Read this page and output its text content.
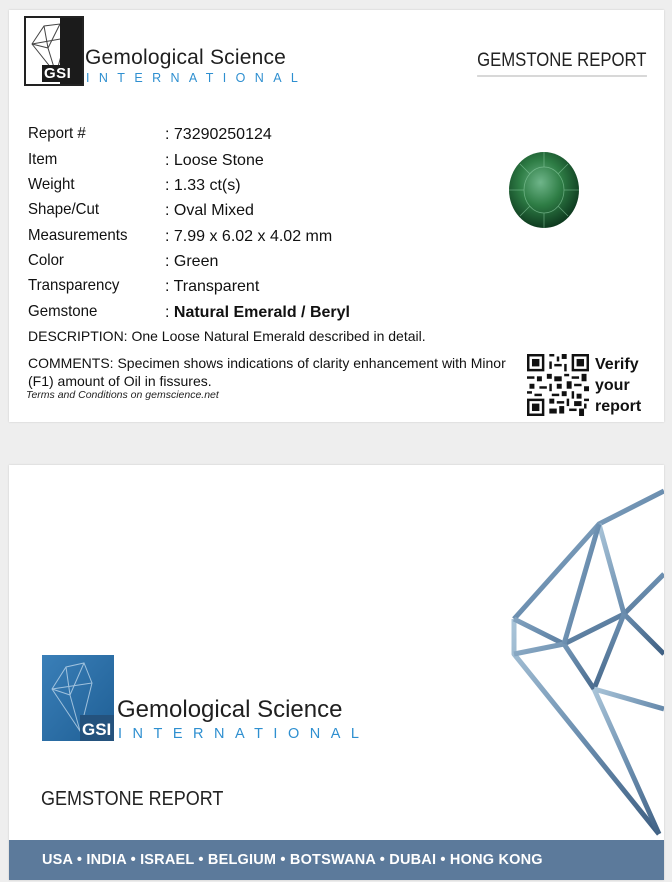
GSI
Gemological Science
INTERNATIONAL
GEMSTONE REPORT
Report #	: 73290250124
Item	: Loose Stone
Weight	: 1.33 ct(s)
Shape/Cut	: Oval Mixed
Measurements : 7.99 x 6.02 x 4.02 mm
Color	: Green
Transparency	: Transparent
Gemstone	: Natural Emerald / Beryl
DESCRIPTION: One Loose Natural Emerald described in detail.
COMMENTS: Specimen shows indications of clarity enhancement with Minor (F1) amount of Oil in fissures.
Terms and Conditions on gemscience.net
Verify
your
report
GSI
Gemological Science
INTERNATIONAL
GEMSTONE REPORT
USA • INDIA • ISRAEL • BELGIUM • BOTSWANA • DUBAI • HONG KONG
